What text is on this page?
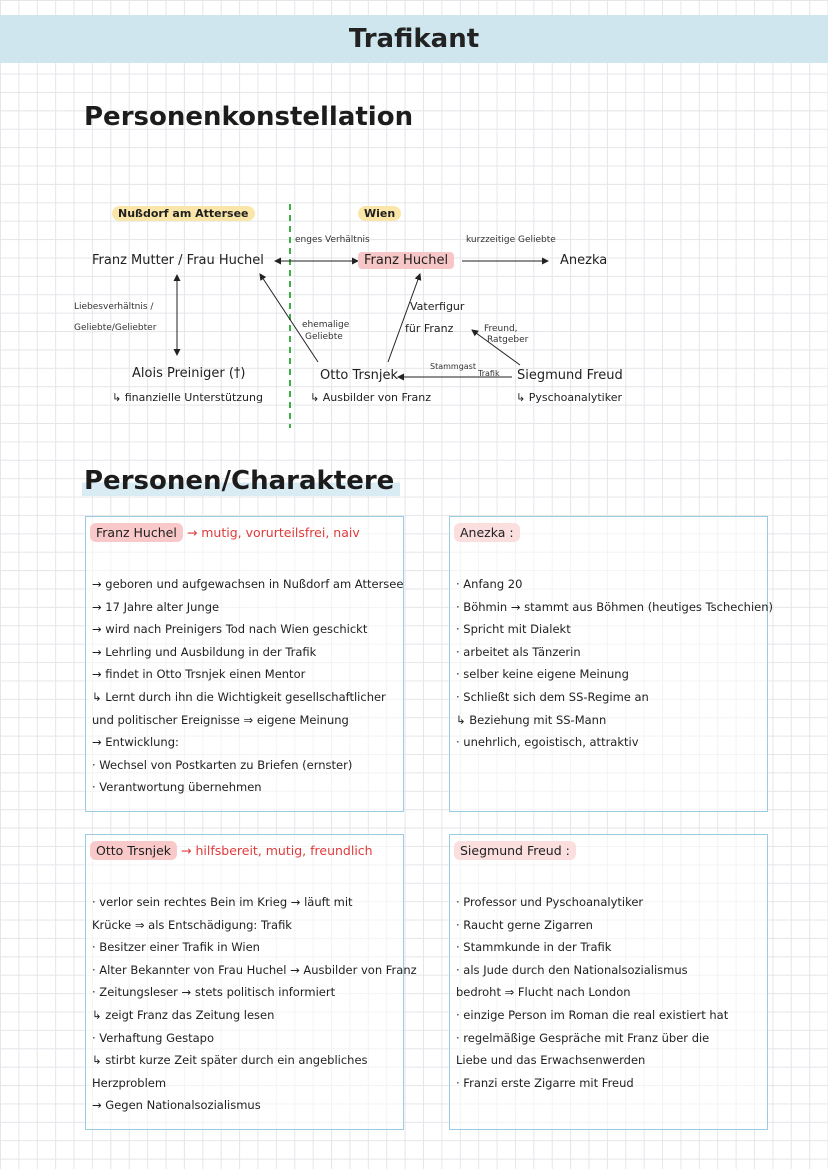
Trafikant
Personenkonstellation
Nußdorf am Attersee	Wien
Franz Mutter / Frau Huchel	Franz Huchel	Anezka
enges Verhältnis	kurzzeitige Geliebte
Liebesverhältnis /
Geliebte/Geliebter	ehemalige
Geliebte
Vaterfigur
für Franz	Freund,
Ratgeber
Stammgast
Trafik
Alois Preiniger (†)
↳ finanzielle Unterstützung
Otto Trsnjek
↳ Ausbilder von Franz
Siegmund Freud
↳ Pyschoanalytiker
Personen/Charaktere
Franz Huchel → mutig, vorurteilsfrei, naiv
→ geboren und aufgewachsen in Nußdorf am Attersee
→ 17 Jahre alter Junge
→ wird nach Preinigers Tod nach Wien geschickt
→ Lehrling und Ausbildung in der Trafik
→ findet in Otto Trsnjek einen Mentor
↳ Lernt durch ihn die Wichtigkeit gesellschaftlicher
und politischer Ereignisse ⇒ eigene Meinung
→ Entwicklung:
· Wechsel von Postkarten zu Briefen (ernster)
· Verantwortung übernehmen
Anezka :
· Anfang 20
· Böhmin → stammt aus Böhmen (heutiges Tschechien)
· Spricht mit Dialekt
· arbeitet als Tänzerin
· selber keine eigene Meinung
· Schließt sich dem SS-Regime an
↳ Beziehung mit SS-Mann
· unehrlich, egoistisch, attraktiv
Otto Trsnjek → hilfsbereit, mutig, freundlich
· verlor sein rechtes Bein im Krieg → läuft mit
Krücke ⇒ als Entschädigung: Trafik
· Besitzer einer Trafik in Wien
· Alter Bekannter von Frau Huchel → Ausbilder von Franz
· Zeitungsleser → stets politisch informiert
↳ zeigt Franz das Zeitung lesen
· Verhaftung Gestapo
↳ stirbt kurze Zeit später durch ein angebliches
Herzproblem
→ Gegen Nationalsozialismus
Siegmund Freud :
· Professor und Pyschoanalytiker
· Raucht gerne Zigarren
· Stammkunde in der Trafik
· als Jude durch den Nationalsozialismus
bedroht ⇒ Flucht nach London
· einzige Person im Roman die real existiert hat
· regelmäßige Gespräche mit Franz über die
Liebe und das Erwachsenwerden
· Franzi erste Zigarre mit Freud
